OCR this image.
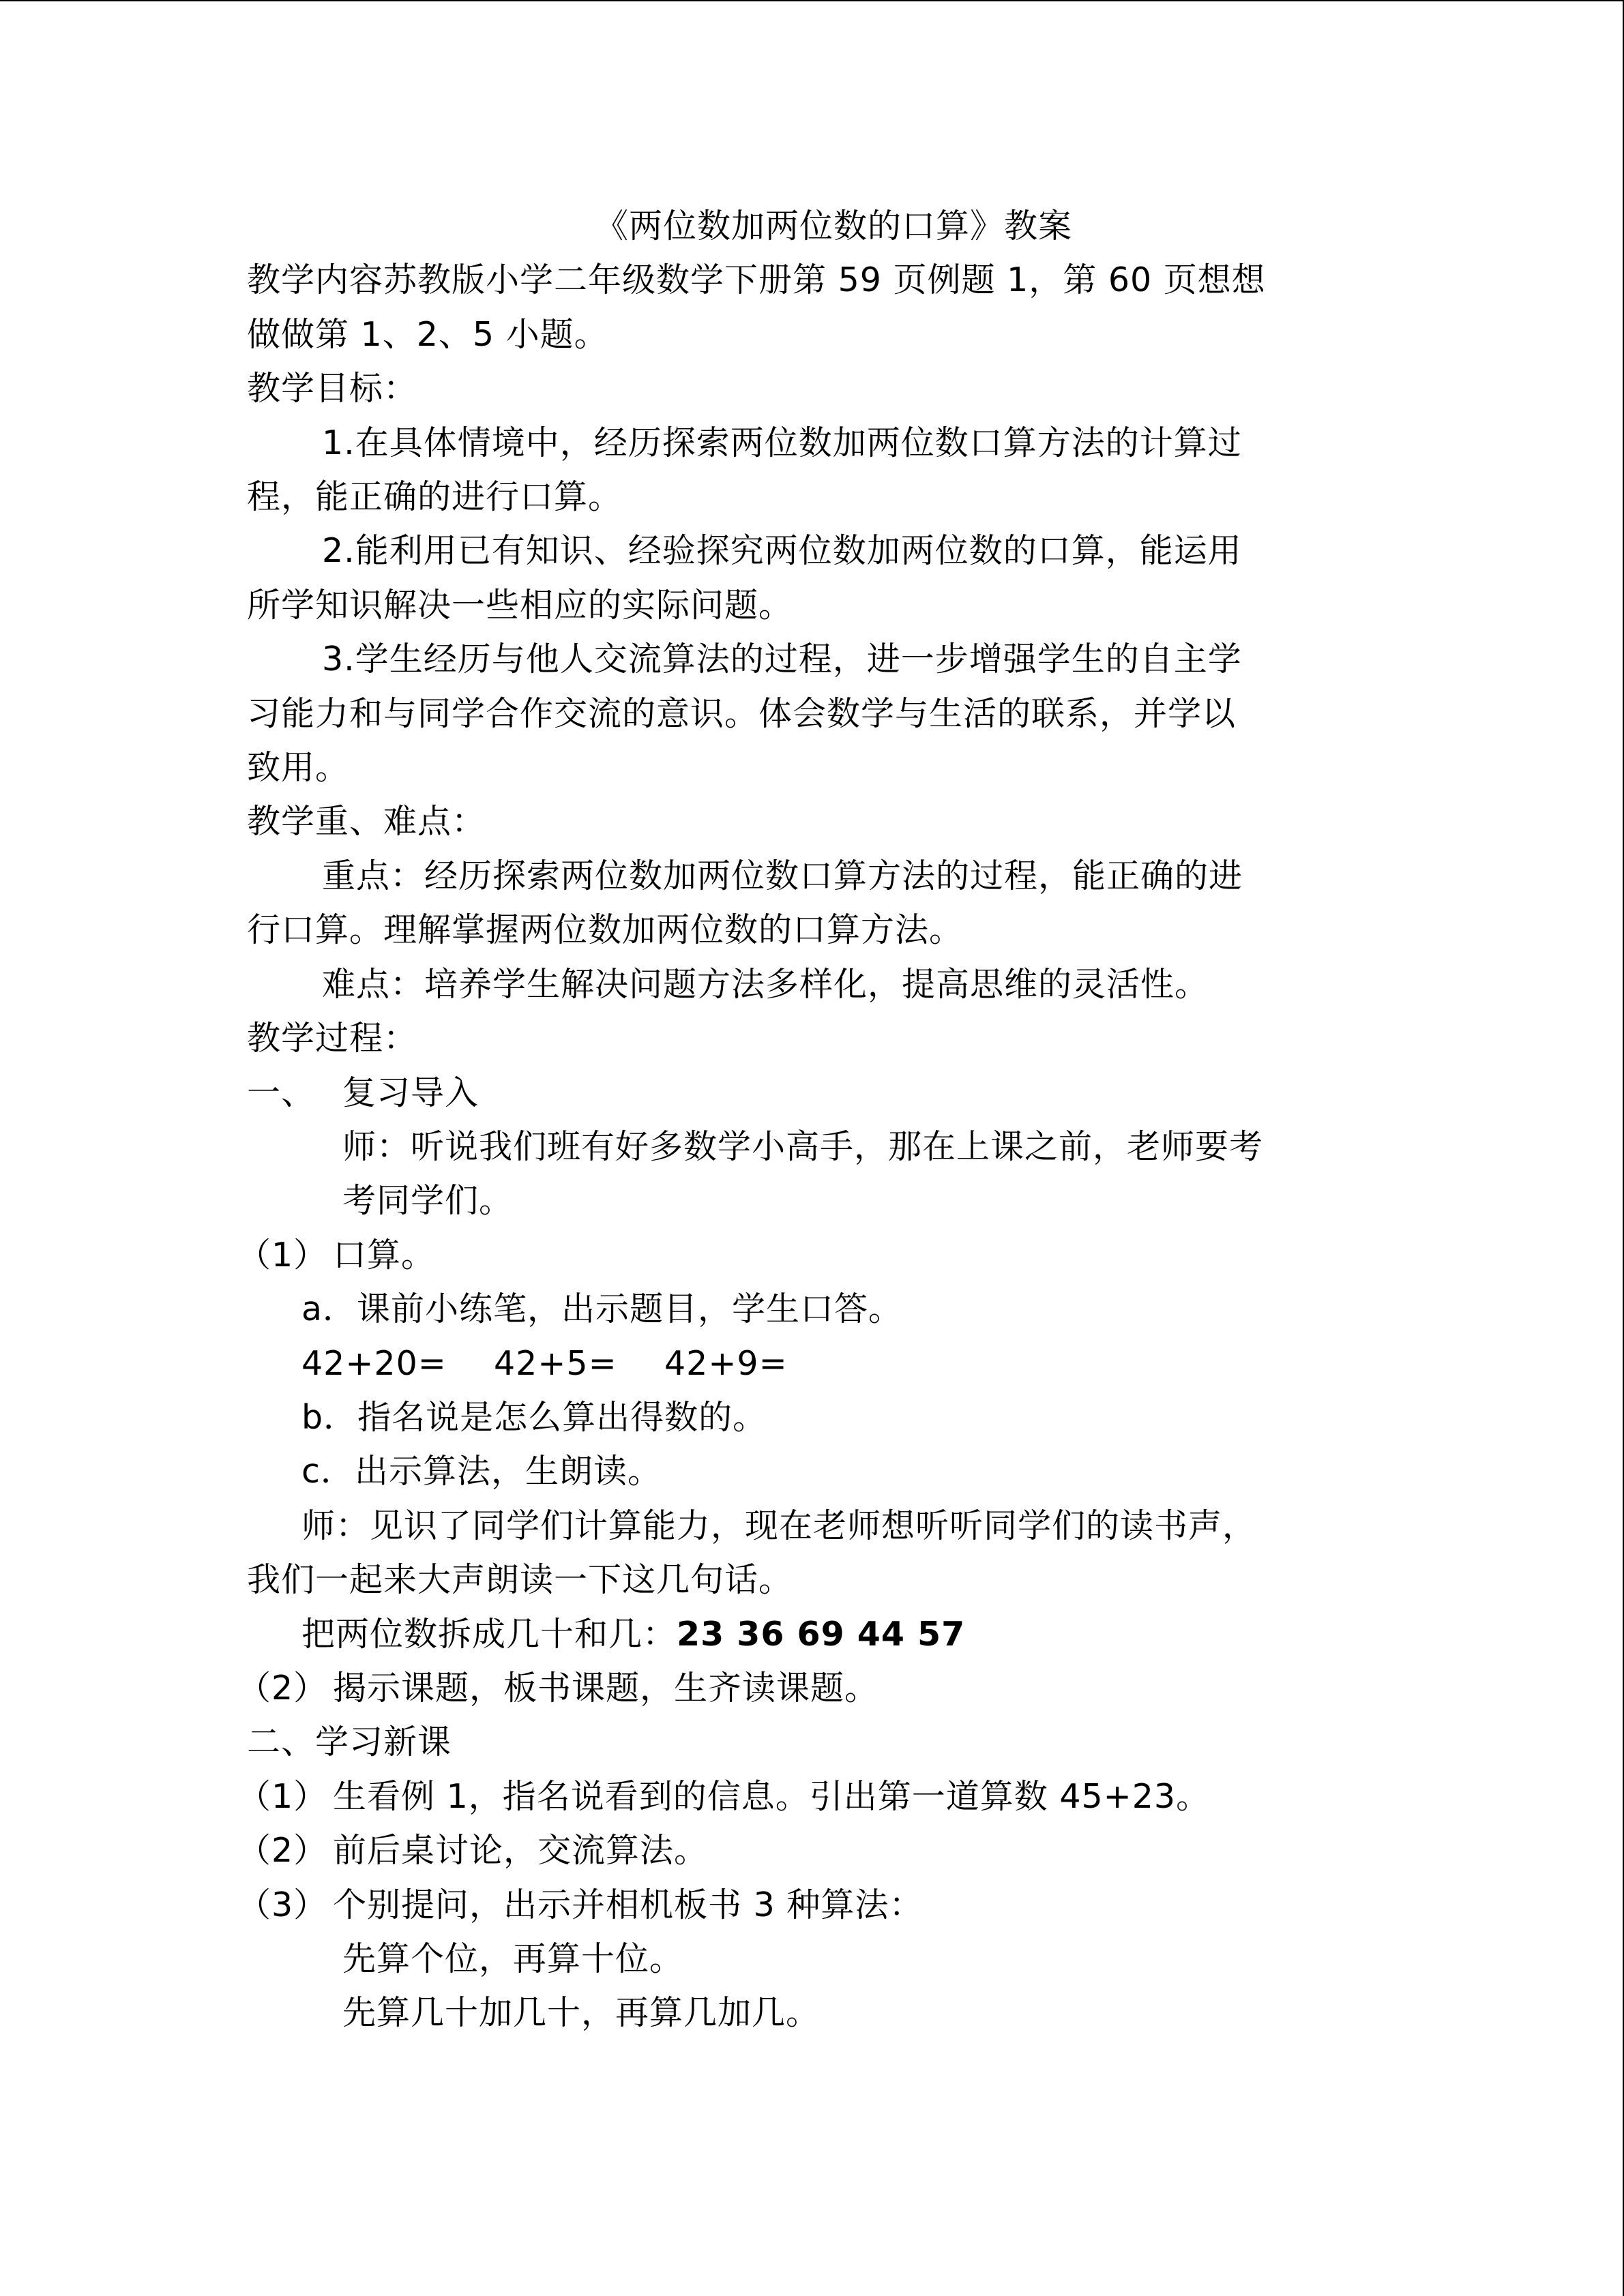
《两位数加两位数的口算》教案

教学内容苏教版小学二年级数学下册第 59 页例题 1，第 60 页想想

做做第 1、2、5 小题。

教学目标：

1.在具体情境中，经历探索两位数加两位数口算方法的计算过

程，能正确的进行口算。

2.能利用已有知识、经验探究两位数加两位数的口算，能运用

所学知识解决一些相应的实际问题。

3.学生经历与他人交流算法的过程，进一步增强学生的自主学

习能力和与同学合作交流的意识。体会数学与生活的联系，并学以

致用。

教学重、难点：

重点：经历探索两位数加两位数口算方法的过程，能正确的进

行口算。理解掌握两位数加两位数的口算方法。

难点：培养学生解决问题方法多样化，提高思维的灵活性。

教学过程：

一、 复习导入

师：听说我们班有好多数学小高手，那在上课之前，老师要考

考同学们。

（1） 口算。

a．课前小练笔，出示题目，学生口答。

42+20= 42+5= 42+9=

b．指名说是怎么算出得数的。

c．出示算法，生朗读。

师：见识了同学们计算能力，现在老师想听听同学们的读书声，

我们一起来大声朗读一下这几句话。

把两位数拆成几十和几：23 36 69 44 57

（2） 揭示课题，板书课题，生齐读课题。

二、学习新课

（1） 生看例 1，指名说看到的信息。引出第一道算数 45+23。
（2） 前后桌讨论，交流算法。
（3） 个别提问，出示并相机板书 3 种算法：

先算个位，再算十位。

先算几十加几十，再算几加几。
